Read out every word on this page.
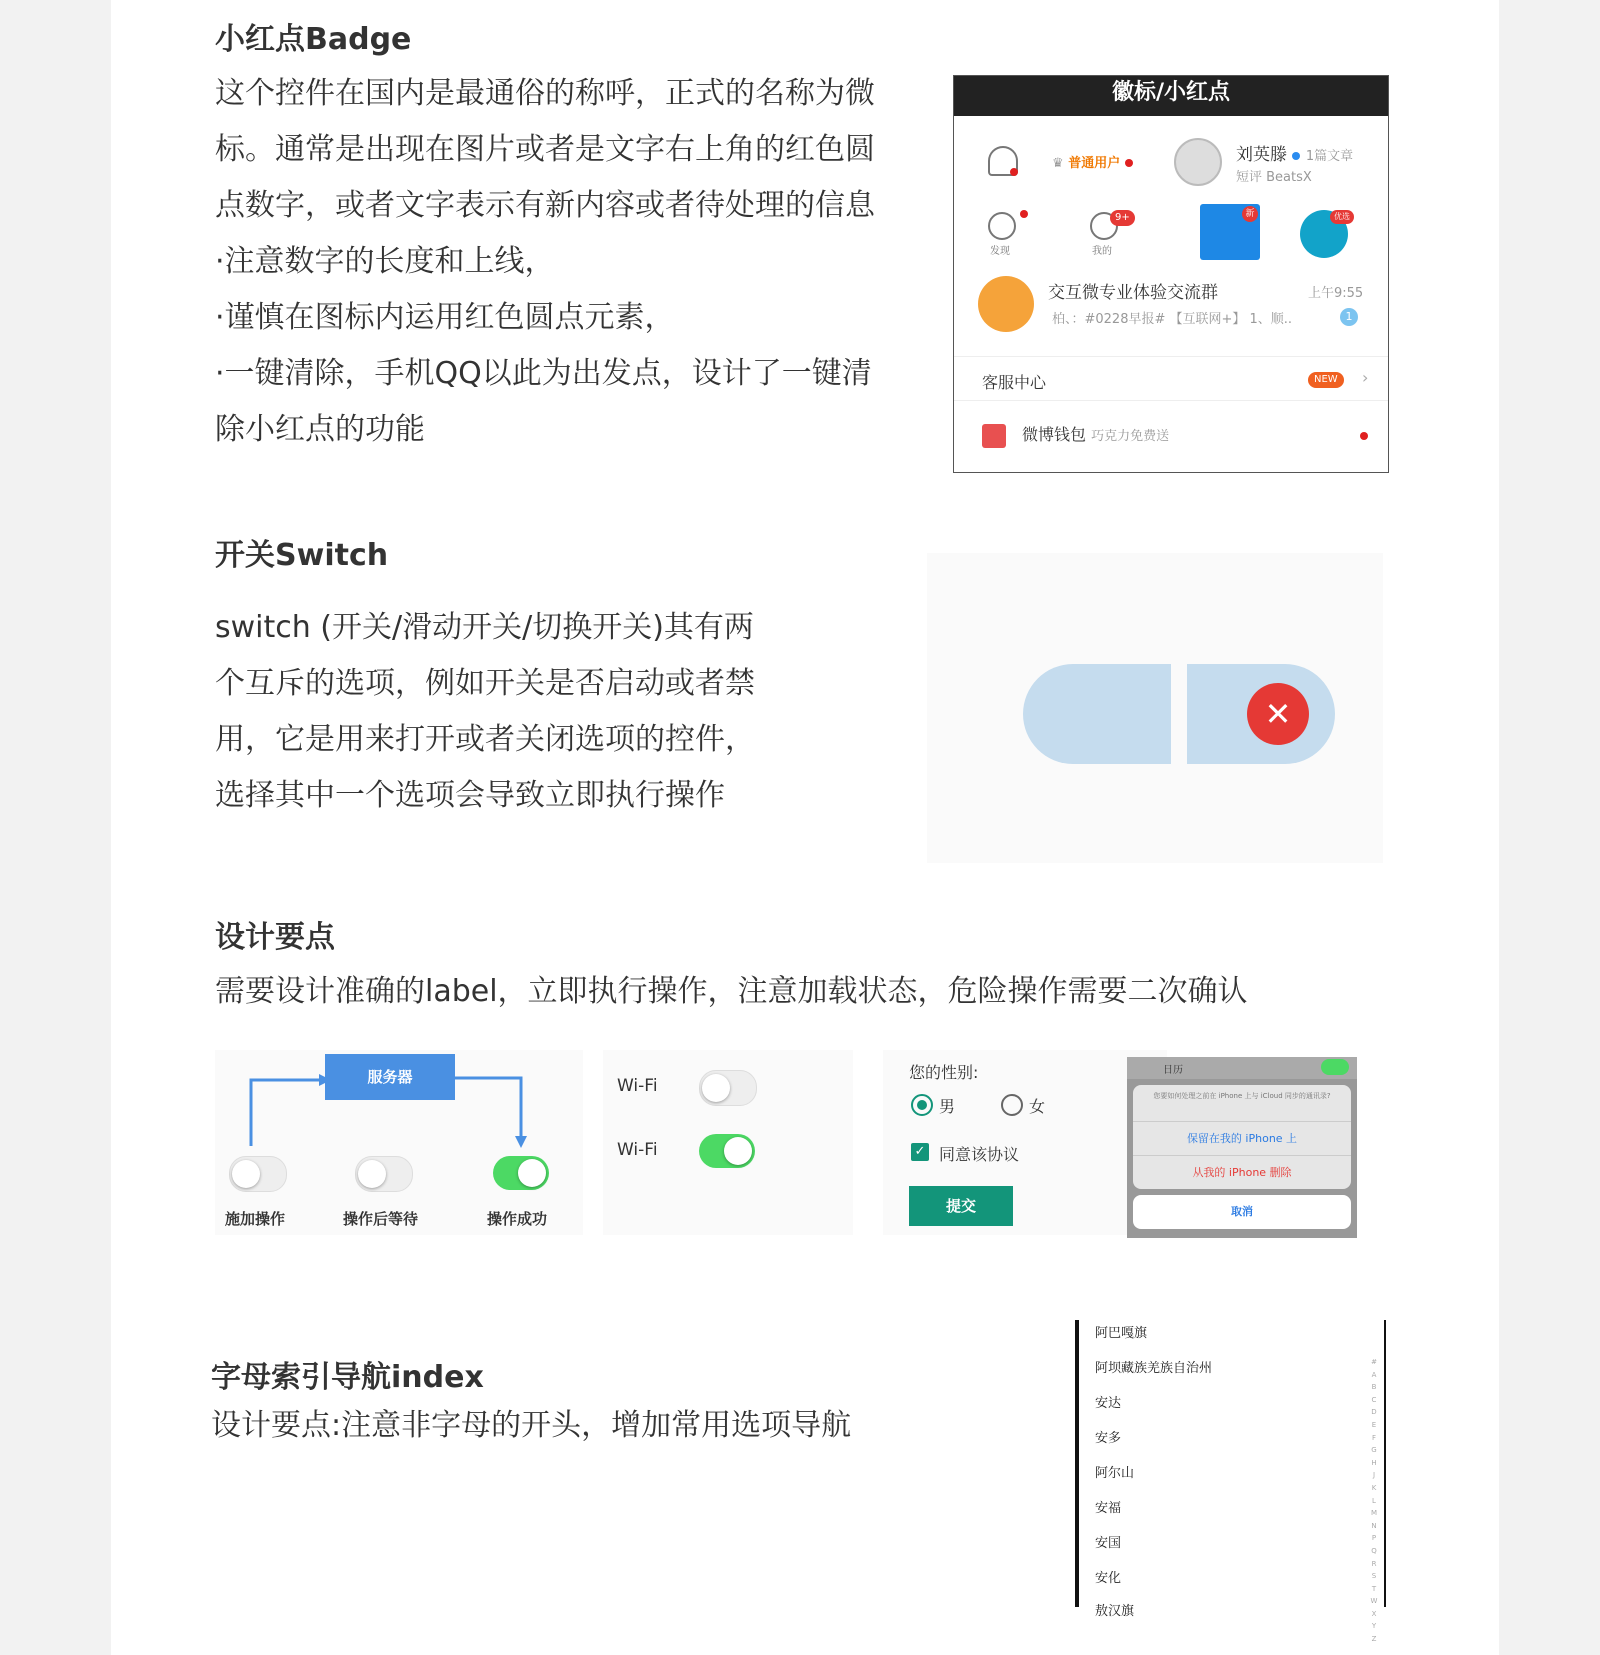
小红点Badge
这个控件在国内是最通俗的称呼，正式的名称为微
标。通常是出现在图片或者是文字右上角的红色圆
点数字，或者文字表示有新内容或者待处理的信息
·注意数字的长度和上线，
·谨慎在图标内运用红色圆点元素，
·一键清除，手机QQ以此为出发点，设计了一键清
除小红点的功能
徽标/小红点
♛ 普通用户	刘英滕 1篇文章
短评 BeatsX
发现
9+
我的
新	优选
交互微专业体验交流群	上午9:55
柏、：#0228早报# 【互联网+】 1、顺..	1
客服中心	NEW	›
微博钱包 巧克力免费送
开关Switch
switch (开关/滑动开关/切换开关)其有两
个互斥的选项，例如开关是否启动或者禁
用，它是用来打开或者关闭选项的控件，
选择其中一个选项会导致立即执行操作
✕
设计要点
需要设计准确的label，立即执行操作，注意加载状态，危险操作需要二次确认
服务器
施加操作	操作后等待	操作成功
Wi-Fi
Wi-Fi
您的性别:
男	女
✓ 同意该协议
提交
日历
您要如何处理之前在 iPhone 上与 iCloud 同步的通讯录?
保留在我的 iPhone 上
从我的 iPhone 删除
取消
字母索引导航index
设计要点:注意非字母的开头，增加常用选项导航
阿巴嘎旗
阿坝藏族羌族自治州
安达
安多
阿尔山
安福
安国
安化
敖汉旗
#
A
B
C
D
E
F
G
H
J
K
L
M
N
P
Q
R
S
T
W
X
Y
Z
